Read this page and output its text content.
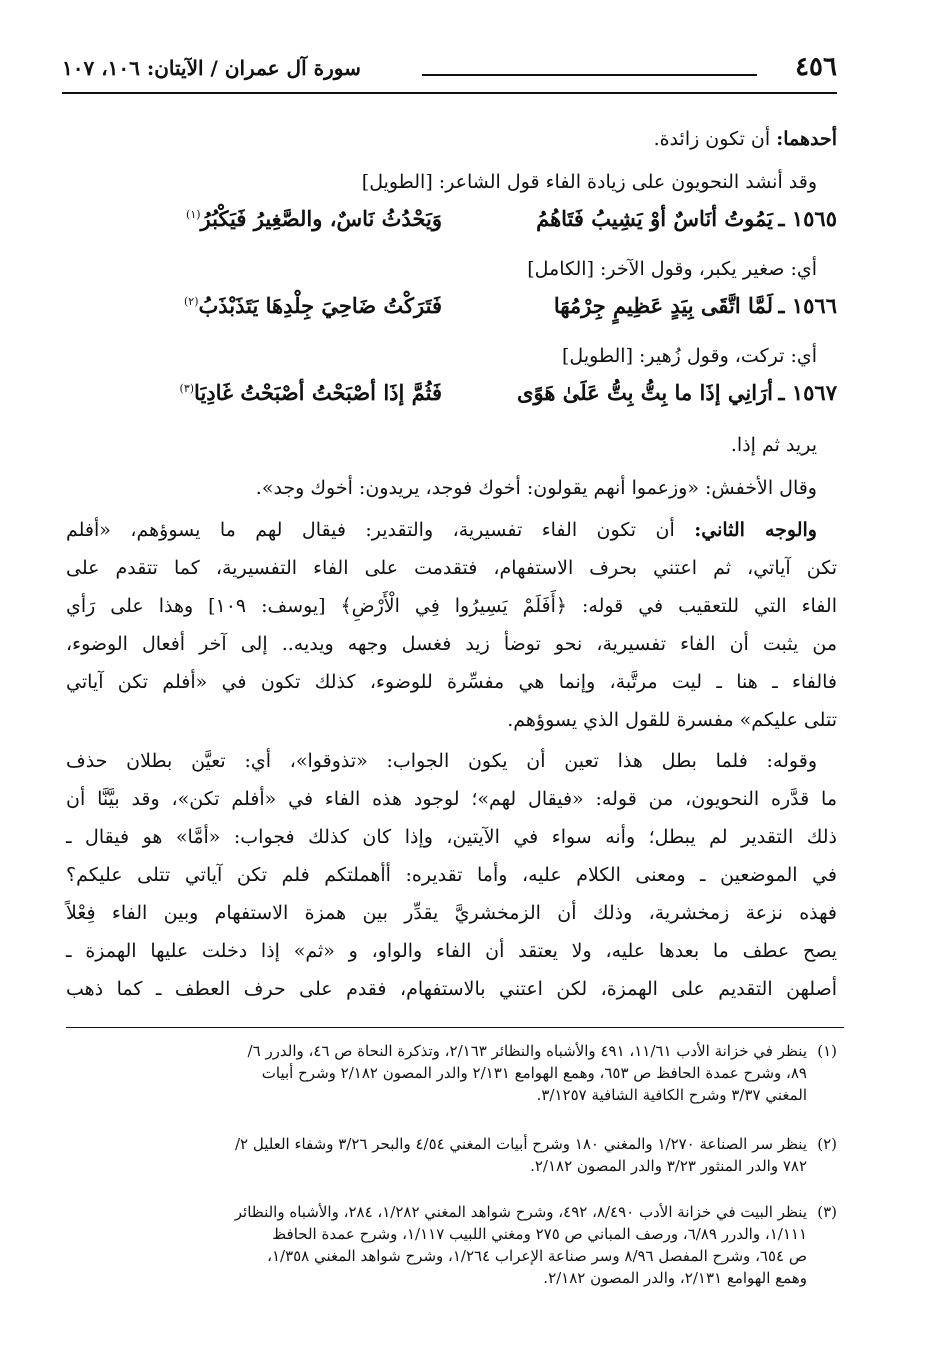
٤٥٦
سورة آل عمران / الآيتان: ١٠٦، ١٠٧
أحدهما: أن تكون زائدة.
وقد أنشد النحويون على زيادة الفاء قول الشاعر: [الطويل]
١٥٦٥ ـ
يَمُوتُ أنَاسٌ أوْ يَشِيبُ فَتَاهُمُ
وَيَحْدُثُ نَاسٌ، والصَّغِيرُ فَيَكْبُرُ$^{(١)}$
أي: صغير يكبر، وقول الآخر: [الكامل]
١٥٦٦ ـ
لَمَّا اتَّقَى بِيَدٍ عَظِيمٍ جِرْمُهَا
فَتَرَكْتُ ضَاحِيَ جِلْدِهَا يَتَذَبْذَبُ$^{(٢)}$
أي: تركت، وقول زُهير: [الطويل]
١٥٦٧ ـ
أرَانِي إذَا ما بِتُّ بِتُّ عَلَىٰ هَوًى
فَثُمَّ إذَا أصْبَحْتُ أصْبَحْتُ غَادِيَا$^{(٣)}$
يريد ثم إذا.
وقال الأخفش: «وزعموا أنهم يقولون: أخوك فوجد، يريدون: أخوك وجد».
والوجه الثاني: أن تكون الفاء تفسيرية، والتقدير: فيقال لهم ما يسوؤهم، «أفلم
تكن آياتي، ثم اعتني بحرف الاستفهام، فتقدمت على الفاء التفسيرية، كما تتقدم على
الفاء التي للتعقيب في قوله: ﴿أَفَلَمْ يَسِيرُوا فِي الْأَرْضِ﴾ [يوسف: ١٠٩] وهذا على رَأي
من يثبت أن الفاء تفسيرية، نحو توضأ زيد فغسل وجهه ويديه.. إلى آخر أفعال الوضوء،
فالفاء ـ هنا ـ ليت مرتَّبة، وإنما هي مفسِّرة للوضوء، كذلك تكون في «أفلم تكن آياتي
تتلى عليكم» مفسرة للقول الذي يسوؤهم.
وقوله: فلما بطل هذا تعين أن يكون الجواب: «تذوقوا»، أي: تعيَّن بطلان حذف
ما قدَّره النحويون، من قوله: «فيقال لهم»؛ لوجود هذه الفاء في «أفلم تكن»، وقد بيَّنَّا أن
ذلك التقدير لم يبطل؛ وأنه سواء في الآيتين، وإذا كان كذلك فجواب: «أمَّا» هو فيقال ـ
في الموضعين ـ ومعنى الكلام عليه، وأما تقديره: أأهملتكم فلم تكن آياتي تتلى عليكم؟
فهذه نزعة زمخشرية، وذلك أن الزمخشريَّ يقدِّر بين همزة الاستفهام وبين الفاء فِعْلاً
يصح عطف ما بعدها عليه، ولا يعتقد أن الفاء والواو، و «ثم» إذا دخلت عليها الهمزة ـ
أصلهن التقديم على الهمزة، لكن اعتني بالاستفهام، فقدم على حرف العطف ـ كما ذهب
(١)ينظر في خزانة الأدب ١١/٦١، ٤٩١ والأشباه والنظائر ٢/١٦٣، وتذكرة النحاة ص ٤٦، والدرر ٦/
٨٩، وشرح عمدة الحافظ ص ٦٥٣، وهمع الهوامع ٢/١٣١ والدر المصون ٢/١٨٢ وشرح أبيات
المغني ٣/٣٧ وشرح الكافية الشافية ٣/١٢٥٧.
(٢)ينظر سر الصناعة ١/٢٧٠ والمغني ١٨٠ وشرح أبيات المغني ٤/٥٤ والبحر ٣/٢٦ وشفاء العليل ٢/
٧٨٢ والدر المنثور ٣/٢٣ والدر المصون ٢/١٨٢.
(٣)ينظر البيت في خزانة الأدب ٨/٤٩٠، ٤٩٢، وشرح شواهد المغني ١/٢٨٢، ٢٨٤، والأشباه والنظائر
١/١١١، والدرر ٦/٨٩، ورصف المباني ص ٢٧٥ ومغني اللبيب ١/١١٧، وشرح عمدة الحافظ
ص ٦٥٤، وشرح المفصل ٨/٩٦ وسر صناعة الإعراب ١/٢٦٤، وشرح شواهد المغني ١/٣٥٨،
وهمع الهوامع ٢/١٣١، والدر المصون ٢/١٨٢.
